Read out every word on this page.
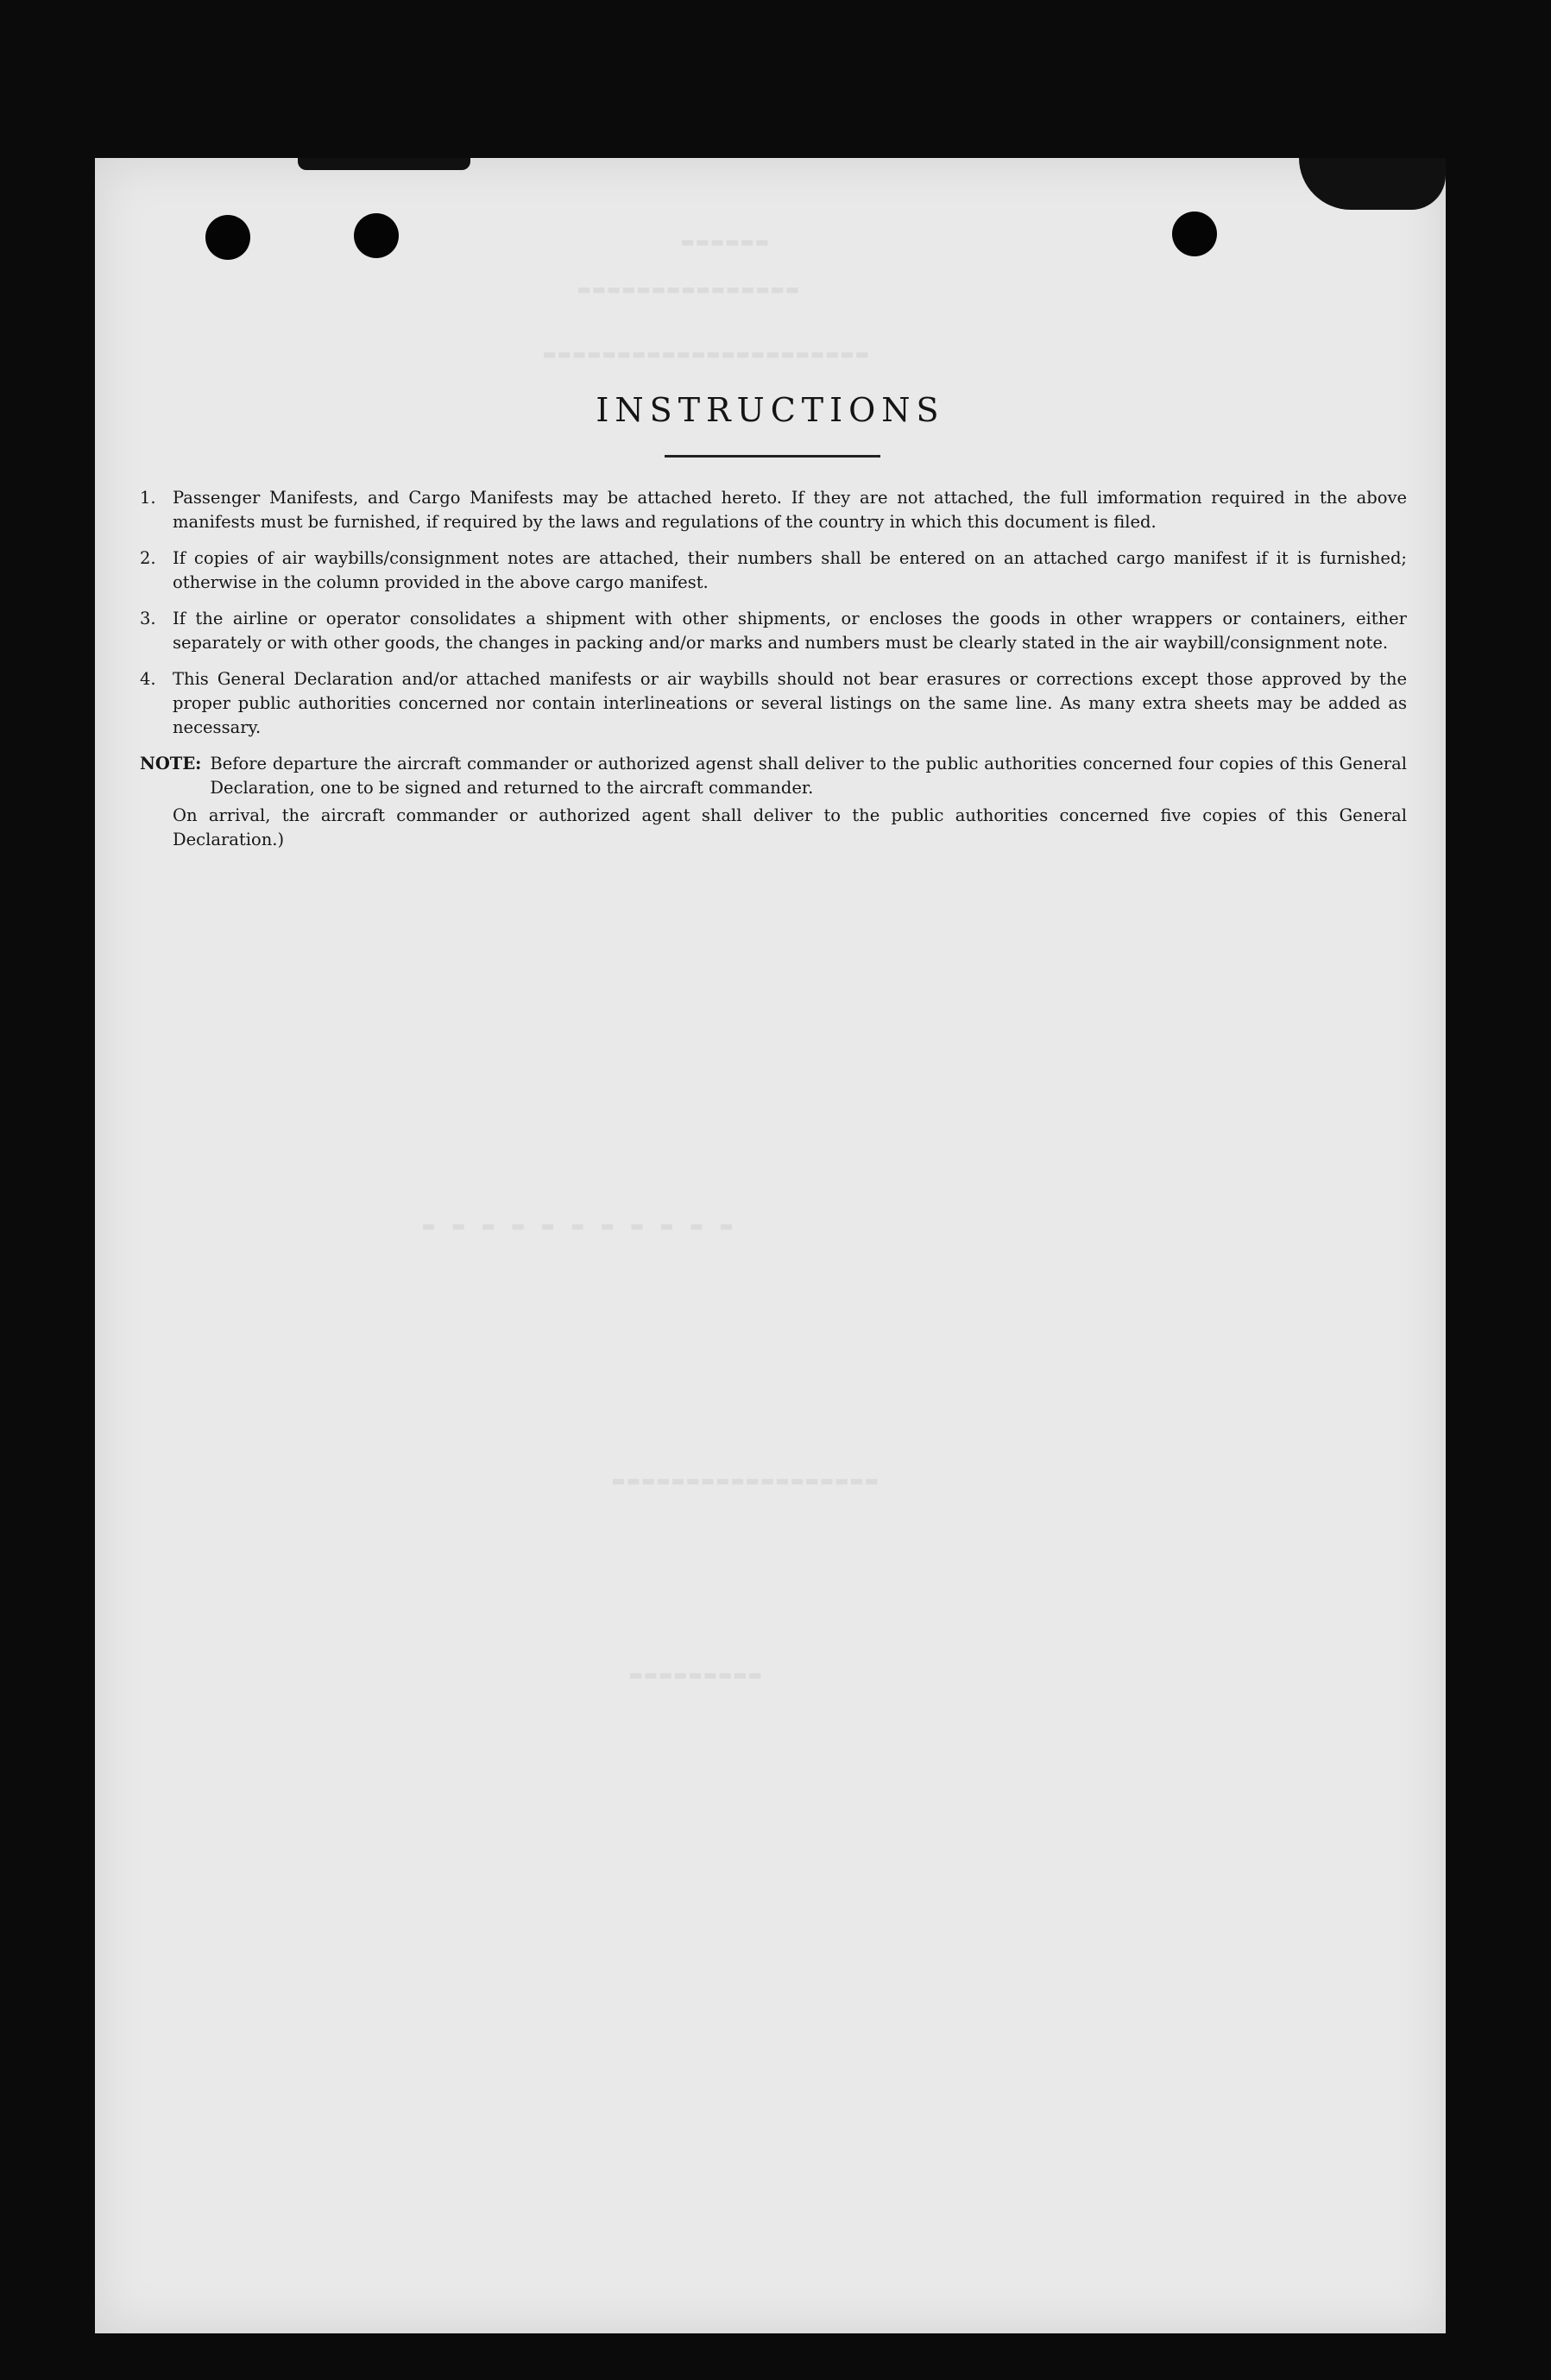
▬▬▬▬▬▬
▬▬▬▬▬▬▬▬▬▬▬▬▬▬▬
▬▬▬▬▬▬▬▬▬▬▬▬▬▬▬▬▬▬▬▬▬▬
▬ ▬ ▬ ▬ ▬ ▬ ▬ ▬ ▬ ▬ ▬
▬▬▬▬▬▬▬▬▬▬▬▬▬▬▬▬▬▬
▬▬▬▬▬▬▬▬▬
INSTRUCTIONS
1. Passenger Manifests, and Cargo Manifests may be attached hereto. If they are not attached, the full imformation required in the above manifests must be furnished, if required by the laws and regulations of the country in which this document is filed.
2. If copies of air waybills/consignment notes are attached, their numbers shall be entered on an attached cargo manifest if it is furnished; otherwise in the column provided in the above cargo manifest.
3. If the airline or operator consolidates a shipment with other shipments, or encloses the goods in other wrappers or containers, either separately or with other goods, the changes in packing and/or marks and numbers must be clearly stated in the air waybill/consignment note.
4. This General Declaration and/or attached manifests or air waybills should not bear erasures or corrections except those approved by the proper public authorities concerned nor contain interlineations or several listings on the same line. As many extra sheets may be added as necessary.
NOTE: Before departure the aircraft commander or authorized agenst shall deliver to the public authorities concerned four copies of this General Declaration, one to be signed and returned to the aircraft commander.
On arrival, the aircraft commander or authorized agent shall deliver to the public authorities concerned five copies of this General Declaration.)
